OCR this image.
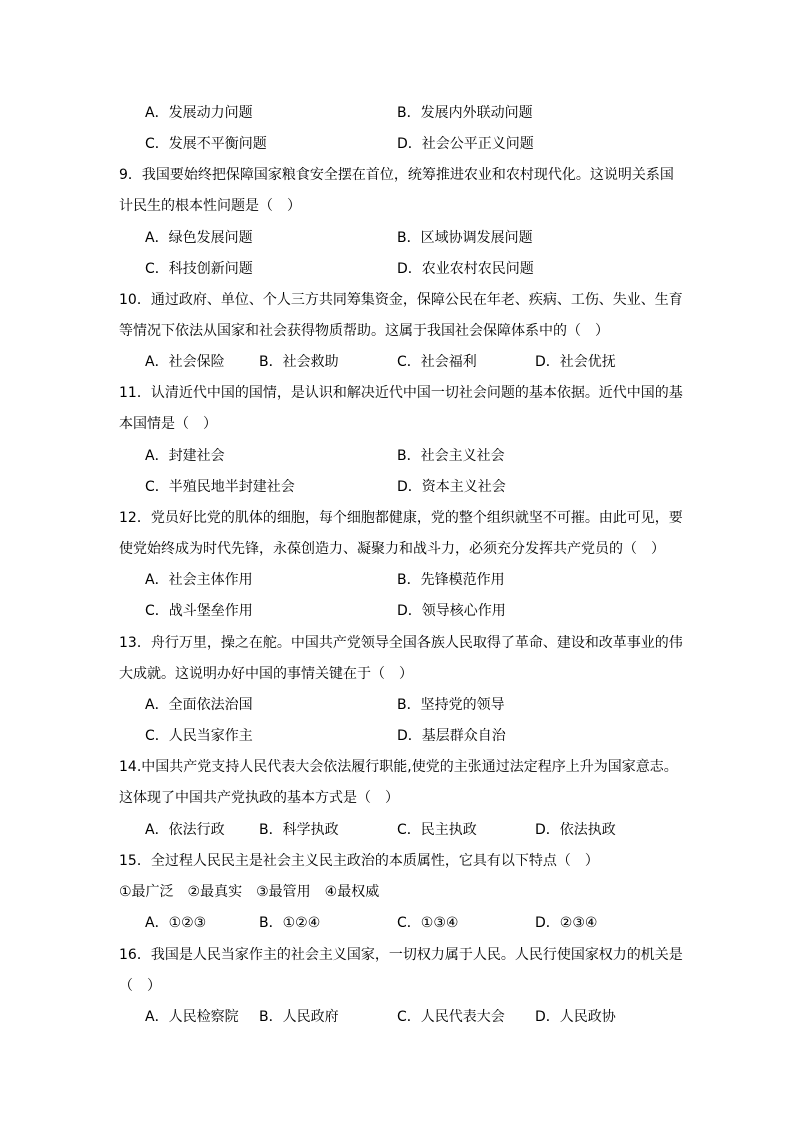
A．发展动力问题	B．发展内外联动问题
C．发展不平衡问题	D．社会公平正义问题
9．我国要始终把保障国家粮食安全摆在首位，统筹推进农业和农村现代化。这说明关系国
计民生的根本性问题是（　）
A．绿色发展问题	B．区域协调发展问题
C．科技创新问题	D．农业农村农民问题
10．通过政府、单位、个人三方共同筹集资金，保障公民在年老、疾病、工伤、失业、生育
等情况下依法从国家和社会获得物质帮助。这属于我国社会保障体系中的（　）
A．社会保险 B．社会救助	C．社会福利	D．社会优抚
11．认清近代中国的国情，是认识和解决近代中国一切社会问题的基本依据。近代中国的基
本国情是（　）
A．封建社会	B．社会主义社会
C．半殖民地半封建社会	D．资本主义社会
12．党员好比党的肌体的细胞，每个细胞都健康，党的整个组织就坚不可摧。由此可见，要
使党始终成为时代先锋，永葆创造力、凝聚力和战斗力，必须充分发挥共产党员的（　）
A．社会主体作用	B．先锋模范作用
C．战斗堡垒作用	D．领导核心作用
13．舟行万里，操之在舵。中国共产党领导全国各族人民取得了革命、建设和改革事业的伟
大成就。这说明办好中国的事情关键在于（　）
A．全面依法治国	B．坚持党的领导
C．人民当家作主	D．基层群众自治
14.中国共产党支持人民代表大会依法履行职能,使党的主张通过法定程序上升为国家意志。
这体现了中国共产党执政的基本方式是（　）
A．依法行政 B．科学执政	C．民主执政	D．依法执政
15．全过程人民民主是社会主义民主政治的本质属性，它具有以下特点（　）
①最广泛　②最真实　③最管用　④最权威
A．①②③	B．①②④	C．①③④	D．②③④
16．我国是人民当家作主的社会主义国家，一切权力属于人民。人民行使国家权力的机关是
（　）
A．人民检察院 B．人民政府	C．人民代表大会 D．人民政协
